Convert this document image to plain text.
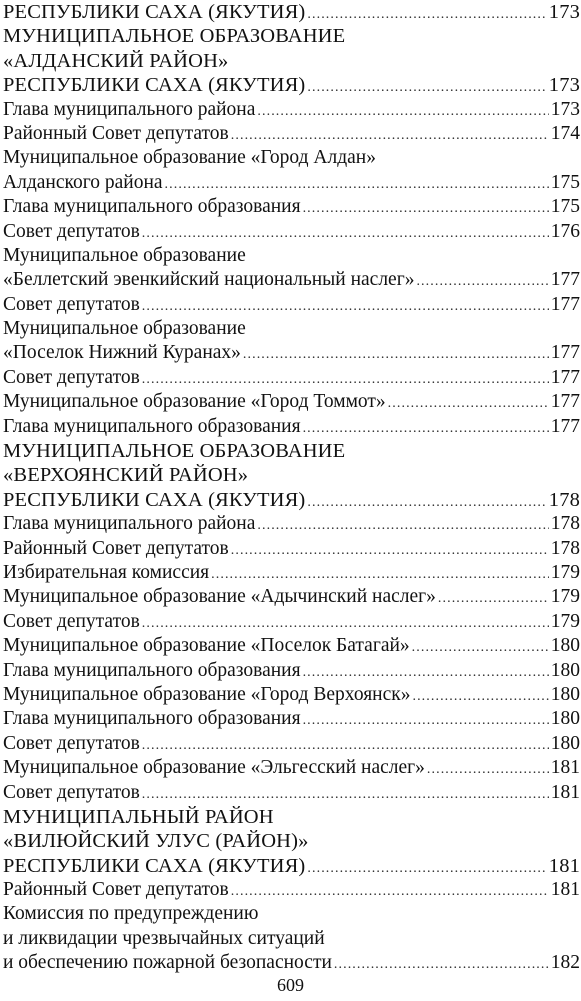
РЕСПУБЛИКИ САХА (ЯКУТИЯ) .....	173
МУНИЦИПАЛЬНОЕ ОБРАЗОВАНИЕ
«АЛДАНСКИЙ РАЙОН»
РЕСПУБЛИКИ САХА (ЯКУТИЯ) .....	173
Глава муниципального района .....	173
Районный Совет депутатов .....	174
Муниципальное образование «Город Алдан»
Алданского района .....	175
Глава муниципального образования .....	175
Совет депутатов .....	176
Муниципальное образование
«Беллетский эвенкийский национальный наслег» .....	177
Совет депутатов .....	177
Муниципальное образование
«Поселок Нижний Куранах» .....	177
Совет депутатов .....	177
Муниципальное образование «Город Томмот» .....	177
Глава муниципального образования .....	177
МУНИЦИПАЛЬНОЕ ОБРАЗОВАНИЕ
«ВЕРХОЯНСКИЙ РАЙОН»
РЕСПУБЛИКИ САХА (ЯКУТИЯ) .....	178
Глава муниципального района .....	178
Районный Совет депутатов .....	178
Избирательная комиссия .....	179
Муниципальное образование «Адычинский наслег» .....	179
Совет депутатов .....	179
Муниципальное образование «Поселок Батагай» .....	180
Глава муниципального образования .....	180
Муниципальное образование «Город Верхоянск» .....	180
Глава муниципального образования .....	180
Совет депутатов .....	180
Муниципальное образование «Эльгесский наслег» .....	181
Совет депутатов .....	181
МУНИЦИПАЛЬНЫЙ РАЙОН
«ВИЛЮЙСКИЙ УЛУС (РАЙОН)»
РЕСПУБЛИКИ САХА (ЯКУТИЯ) .....	181
Районный Совет депутатов .....	181
Комиссия по предупреждению
и ликвидации чрезвычайных ситуаций
и обеспечению пожарной безопасности .....	182
609
